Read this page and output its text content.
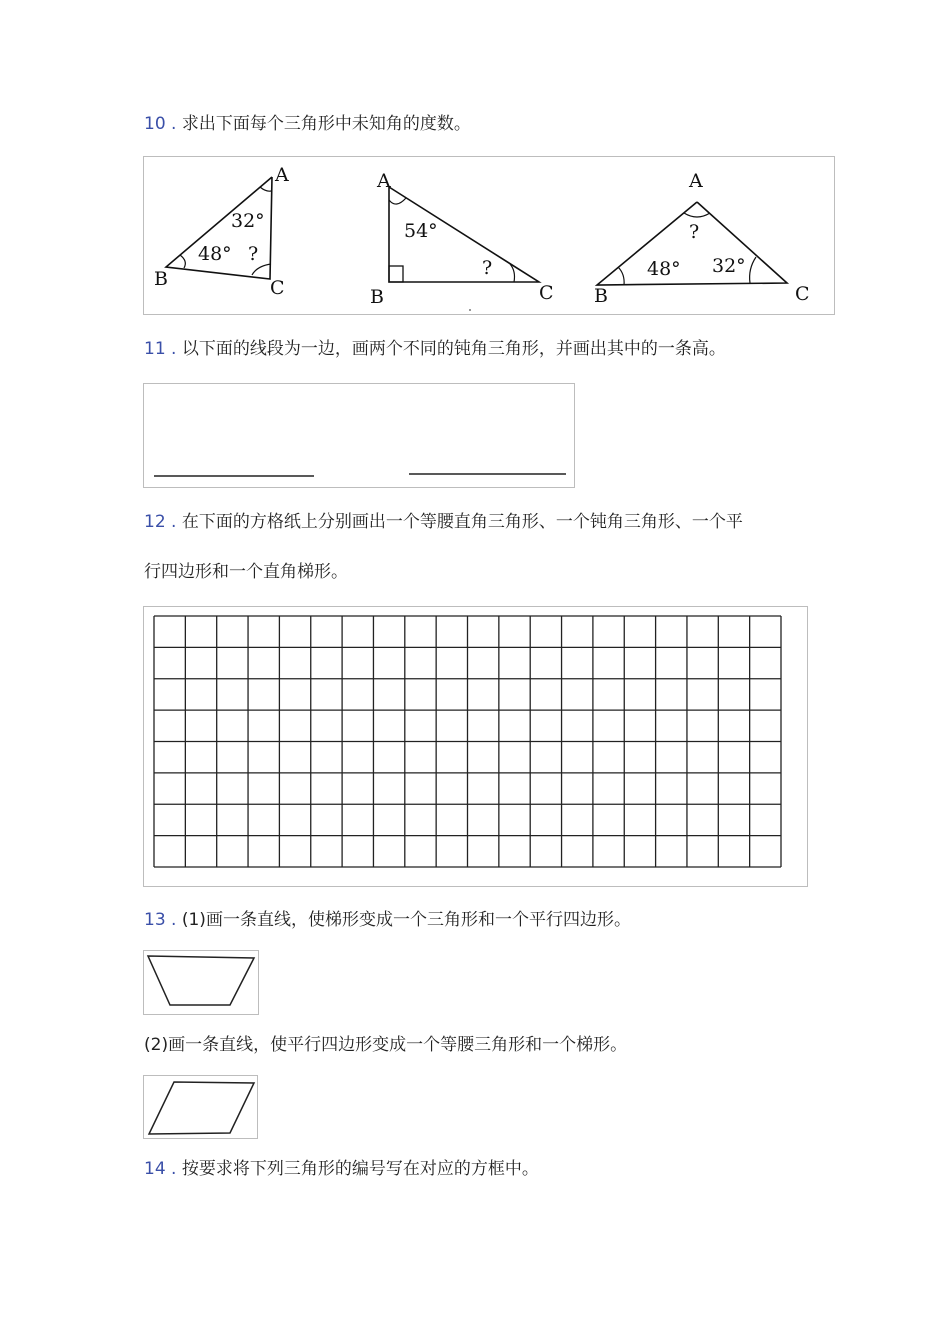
10 . 求出下面每个三角形中未知角的度数。
A
B	C
32°
48° ?
A
B	C
54°
?
A
B	C
?
48° 32°
11 . 以下面的线段为一边，画两个不同的钝角三角形，并画出其中的一条高。
12 . 在下面的方格纸上分别画出一个等腰直角三角形、一个钝角三角形、一个平
行四边形和一个直角梯形。
13 . (1)画一条直线，使梯形变成一个三角形和一个平行四边形。
(2)画一条直线，使平行四边形变成一个等腰三角形和一个梯形。
14 . 按要求将下列三角形的编号写在对应的方框中。
